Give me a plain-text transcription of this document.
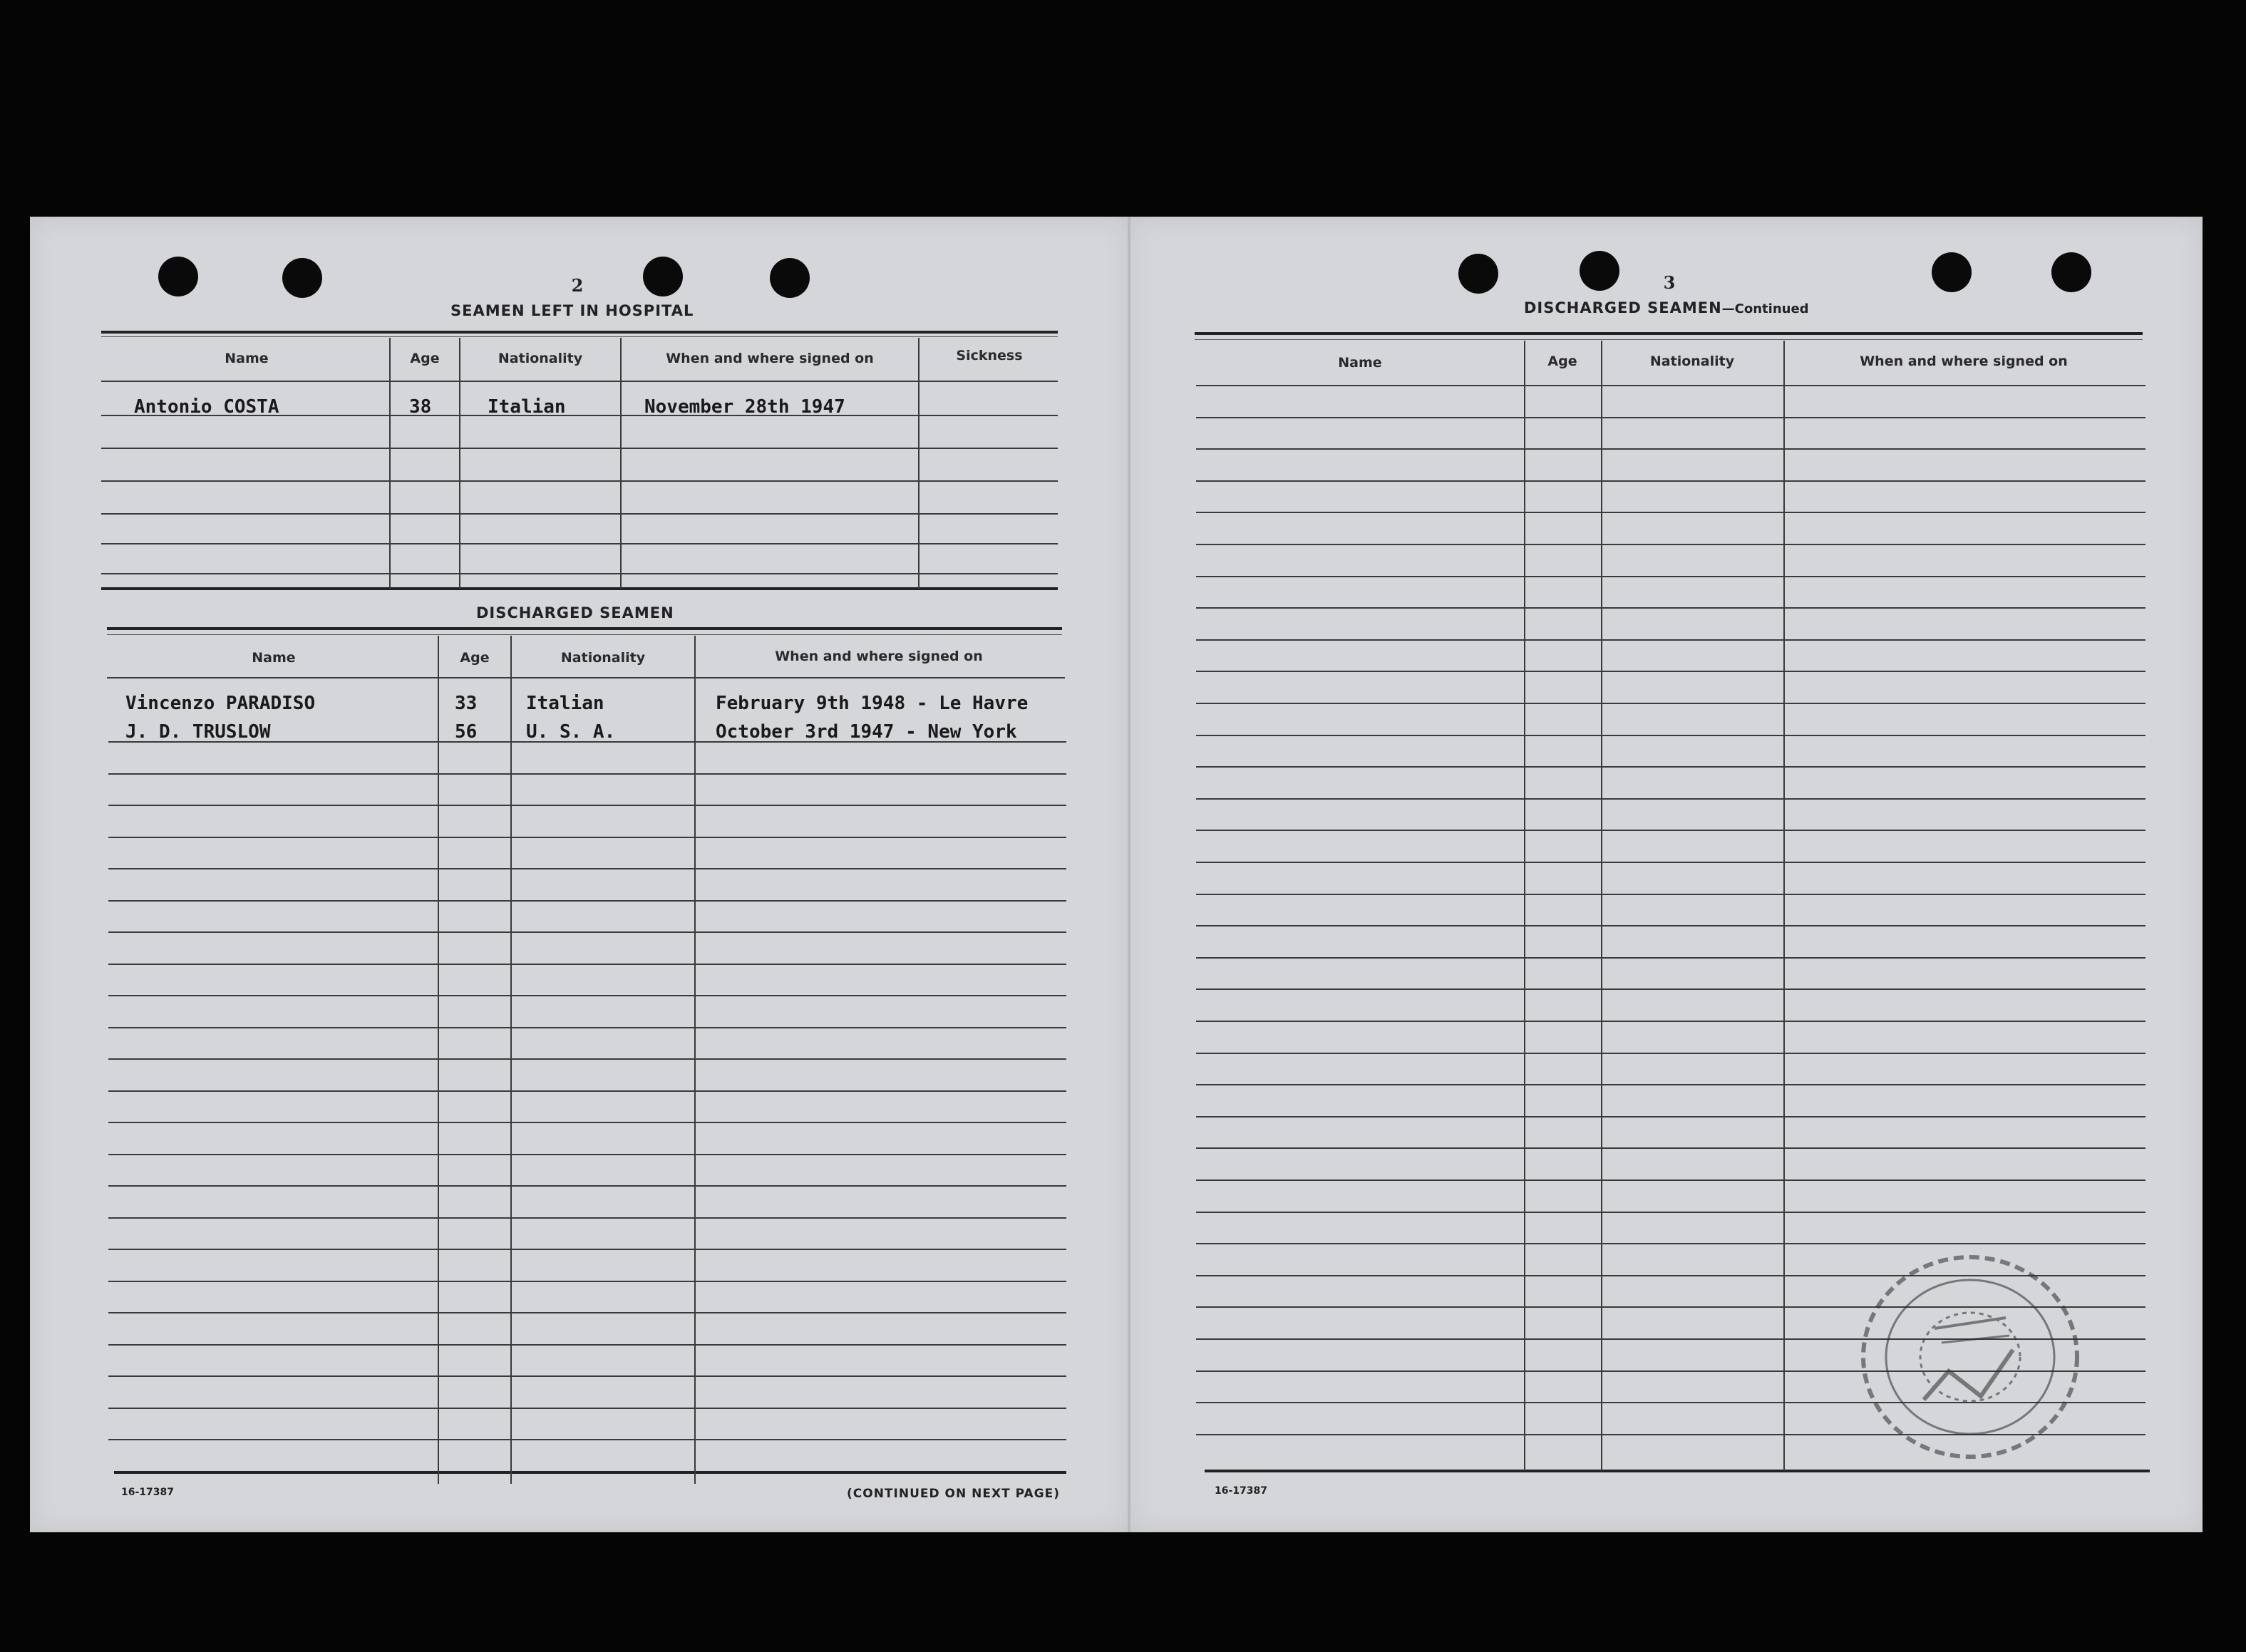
2
SEAMEN LEFT IN HOSPITAL
Name	Age	Nationality	When and where signed on	Sickness
Antonio COSTA	38	Italian	November 28th 1947
DISCHARGED SEAMEN
Name	Age	Nationality	When and where signed on
Vincenzo PARADISO	33	Italian	February 9th 1948 - Le Havre
J. D. TRUSLOW	56	U. S. A.	October 3rd 1947 - New York
16-17387	(CONTINUED ON NEXT PAGE)
3
DISCHARGED SEAMEN—Continued
Name	Age	Nationality	When and where signed on
16-17387
